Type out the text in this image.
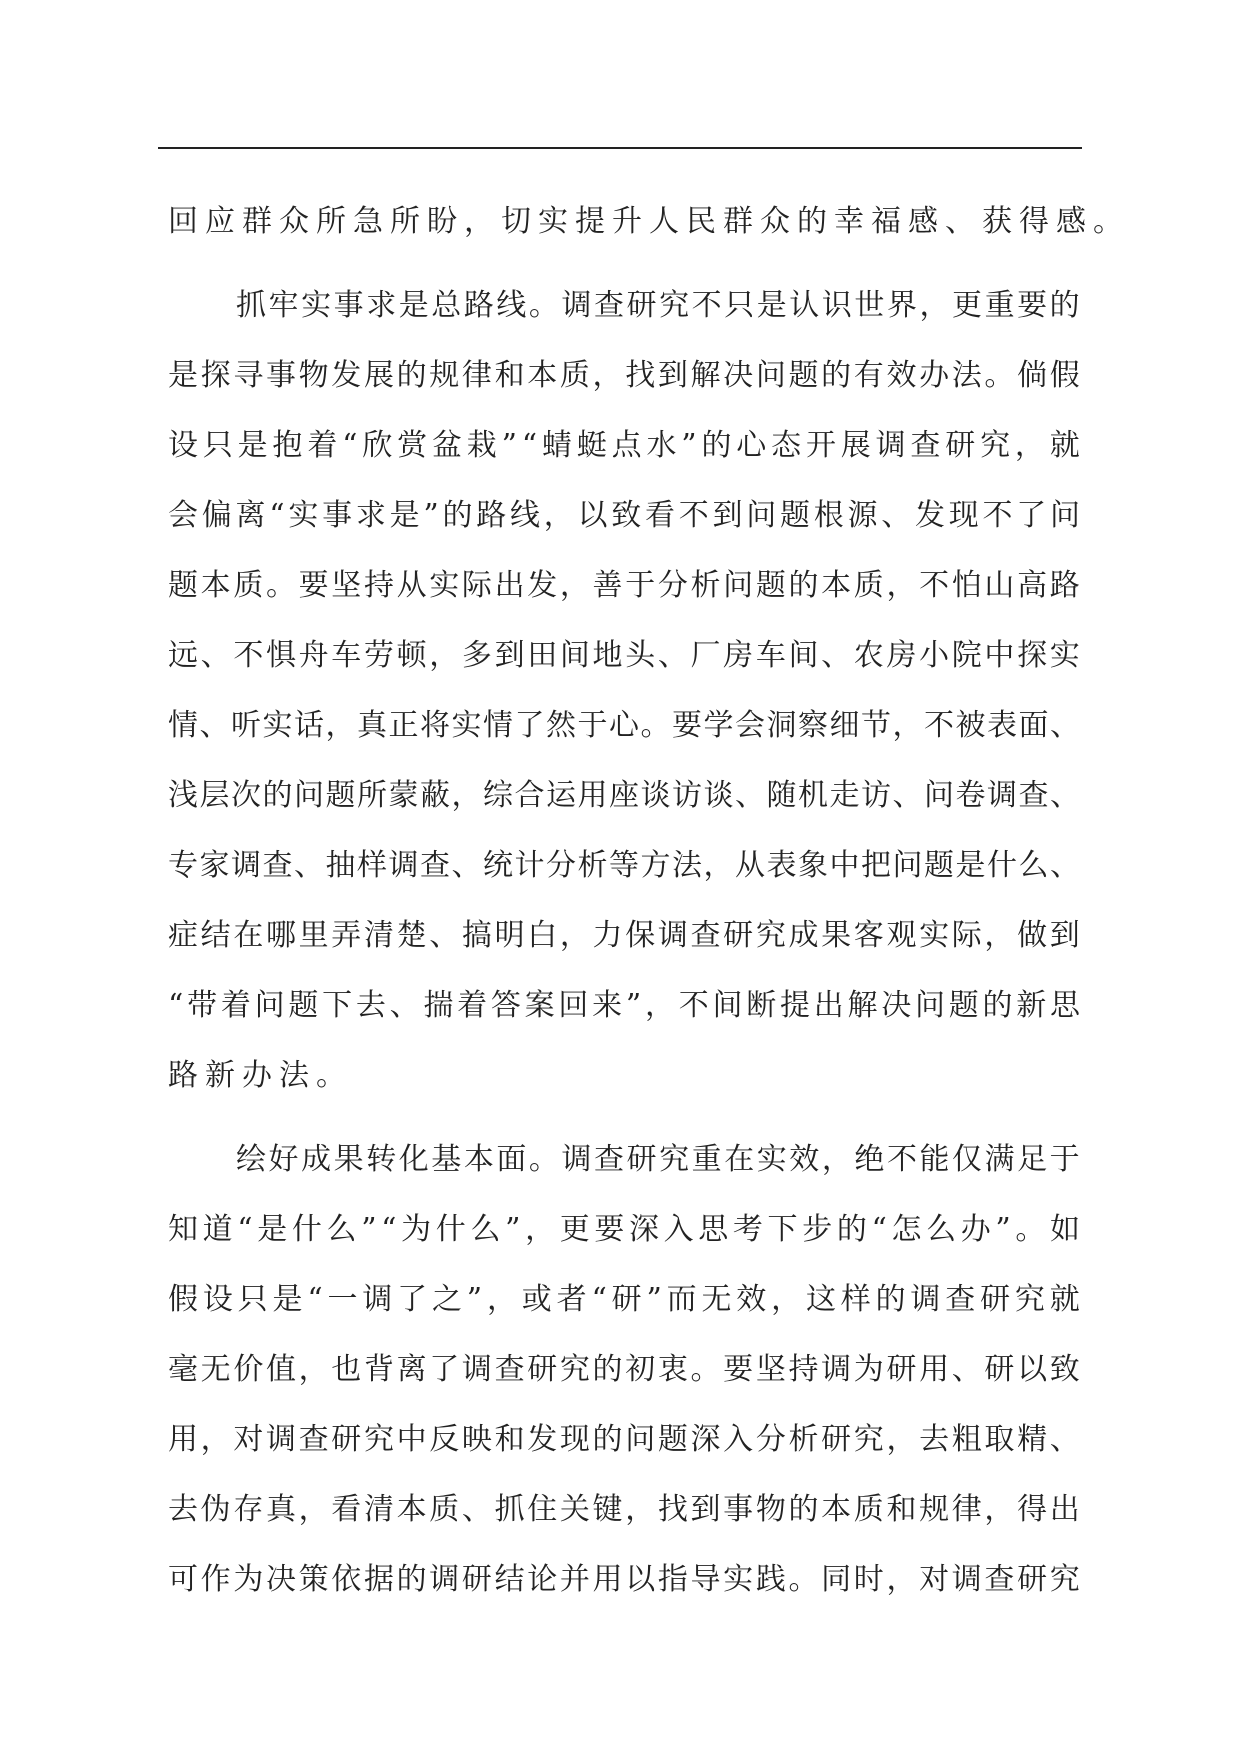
回应群众所急所盼，切实提升人民群众的幸福感、获得感。
抓 牢 实 事 求 是 总 路 线 。 调 查 研 究 不 只 是 认 识 世 界 ， 更 重 要 的
是 探 寻 事 物 发 展 的 规 律 和 本 质 ， 找 到 解 决 问 题 的 有 效 办 法 。 倘 假
设 只 是 抱 着 “ 欣 赏 盆 栽 ” “ 蜻 蜓 点 水 ” 的 心 态 开 展 调 查 研 究 ， 就
会 偏 离 “ 实 事 求 是 ” 的 路 线 ， 以 致 看 不 到 问 题 根 源 、 发 现 不 了 问
题 本 质 。 要 坚 持 从 实 际 出 发 ， 善 于 分 析 问 题 的 本 质 ， 不 怕 山 高 路
远 、 不 惧 舟 车 劳 顿 ， 多 到 田 间 地 头 、 厂 房 车 间 、 农 房 小 院 中 探 实
情 、 听 实 话 ， 真 正 将 实 情 了 然 于 心 。 要 学 会 洞 察 细 节 ， 不 被 表 面 、
浅 层 次 的 问 题 所 蒙 蔽 ， 综 合 运 用 座 谈 访 谈 、 随 机 走 访 、 问 卷 调 查 、
专 家 调 查 、 抽 样 调 查 、 统 计 分 析 等 方 法 ， 从 表 象 中 把 问 题 是 什 么 、
症 结 在 哪 里 弄 清 楚 、 搞 明 白 ， 力 保 调 查 研 究 成 果 客 观 实 际 ， 做 到
“ 带 着 问 题 下 去 、 揣 着 答 案 回 来 ” ， 不 间 断 提 出 解 决 问 题 的 新 思
路新办法。
绘 好 成 果 转 化 基 本 面 。 调 查 研 究 重 在 实 效 ， 绝 不 能 仅 满 足 于
知 道 “ 是 什 么 ” “ 为 什 么 ” ， 更 要 深 入 思 考 下 步 的 “ 怎 么 办 ” 。 如
假 设 只 是 “ 一 调 了 之 ” ， 或 者 “ 研 ” 而 无 效 ， 这 样 的 调 查 研 究 就
毫 无 价 值 ， 也 背 离 了 调 查 研 究 的 初 衷 。 要 坚 持 调 为 研 用 、 研 以 致
用 ， 对 调 查 研 究 中 反 映 和 发 现 的 问 题 深 入 分 析 研 究 ， 去 粗 取 精 、
去 伪 存 真 ， 看 清 本 质 、 抓 住 关 键 ， 找 到 事 物 的 本 质 和 规 律 ， 得 出
可 作 为 决 策 依 据 的 调 研 结 论 并 用 以 指 导 实 践 。 同 时 ， 对 调 查 研 究
